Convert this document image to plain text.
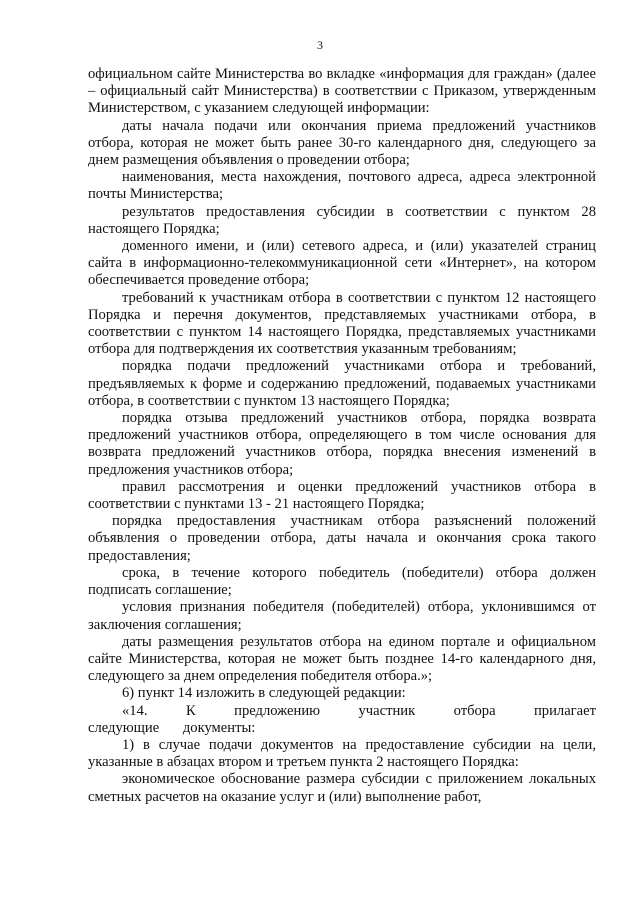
3

официальном сайте Министерства во вкладке «информация для граждан» (далее – официальный сайт Министерства) в соответствии с Приказом, утвержденным Министерством, с указанием следующей информации:

даты начала подачи или окончания приема предложений участников отбора, которая не может быть ранее 30-го календарного дня, следующего за днем размещения объявления о проведении отбора;

наименования, места нахождения, почтового адреса, адреса электронной почты Министерства;

результатов предоставления субсидии в соответствии с пунктом 28 настоящего Порядка;

доменного имени, и (или) сетевого адреса, и (или) указателей страниц сайта в информационно-телекоммуникационной сети «Интернет», на котором обеспечивается проведение отбора;

требований к участникам отбора в соответствии с пунктом 12 настоящего Порядка и перечня документов, представляемых участниками отбора, в соответствии с пунктом 14 настоящего Порядка, представляемых участниками отбора для подтверждения их соответствия указанным требованиям;

порядка подачи предложений участниками отбора и требований, предъявляемых к форме и содержанию предложений, подаваемых участниками отбора, в соответствии с пунктом 13 настоящего Порядка;

порядка отзыва предложений участников отбора, порядка возврата предложений участников отбора, определяющего в том числе основания для возврата предложений участников отбора, порядка внесения изменений в предложения участников отбора;

правил рассмотрения и оценки предложений участников отбора в соответствии с пунктами 13 - 21 настоящего Порядка;

порядка предоставления участникам отбора разъяснений положений объявления о проведении отбора, даты начала и окончания срока такого предоставления;

срока, в течение которого победитель (победители) отбора должен подписать соглашение;

условия признания победителя (победителей) отбора, уклонившимся от заключения соглашения;

даты размещения результатов отбора на едином портале и официальном сайте Министерства, которая не может быть позднее 14-го календарного дня, следующего за днем определения победителя отбора.»;

6) пункт 14 изложить в следующей редакции:

«14. К предложению участник отбора прилагает следующие документы:

1) в случае подачи документов на предоставление субсидии на цели, указанные в абзацах втором и третьем пункта 2 настоящего Порядка:

экономическое обоснование размера субсидии с приложением локальных сметных расчетов на оказание услуг и (или) выполнение работ,
